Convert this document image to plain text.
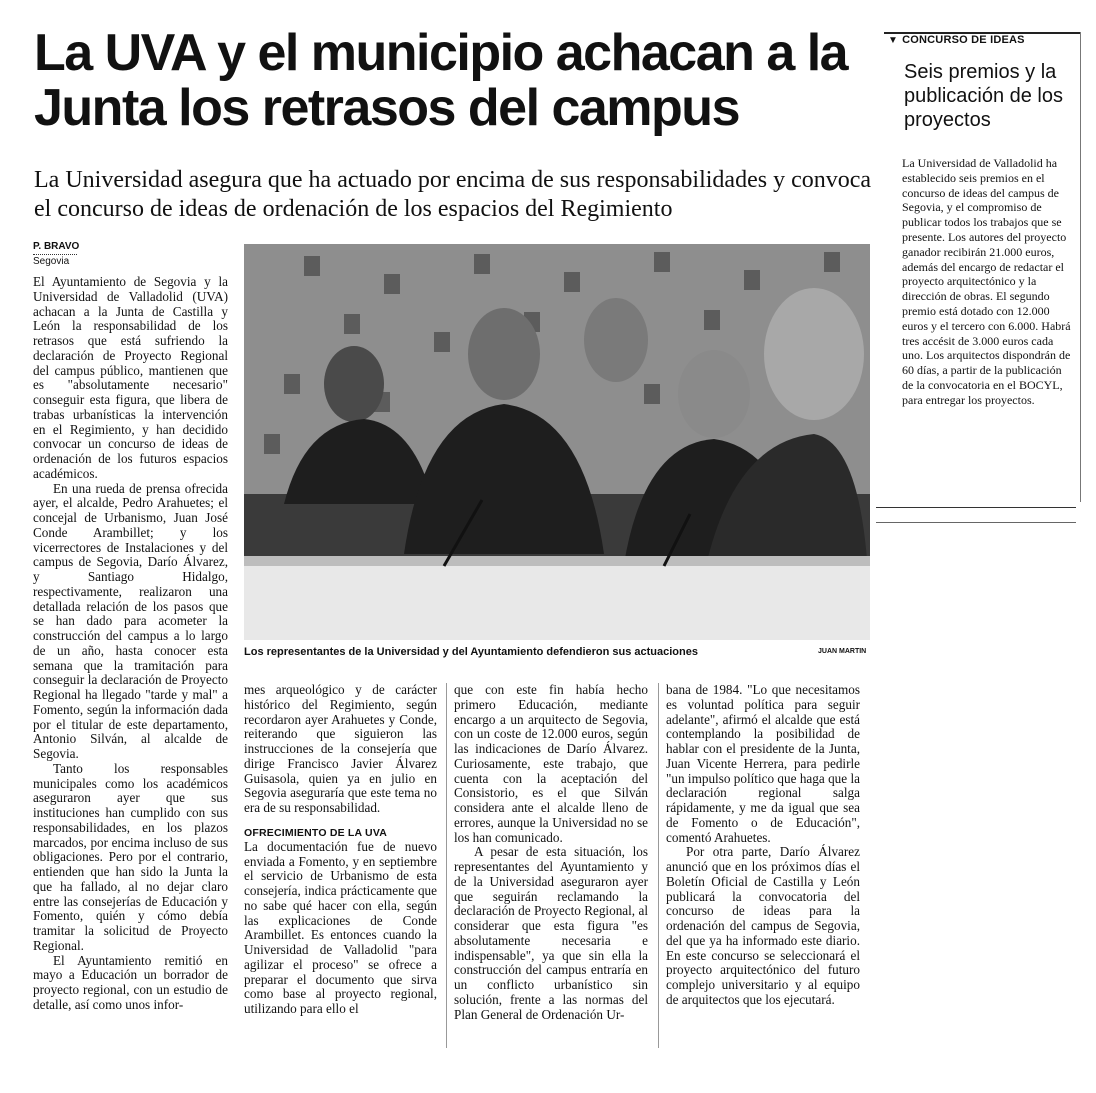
La UVA y el municipio achacan a la Junta los retrasos del campus

La Universidad asegura que ha actuado por encima de sus responsabilidades y convoca el concurso de ideas de ordenación de los espacios del Regimiento

▼ CONCURSO DE IDEAS
Seis premios y la publicación de los proyectos

La Universidad de Valladolid ha establecido seis premios en el concurso de ideas del campus de Segovia, y el compromiso de publicar todos los trabajos que se presente. Los autores del proyecto ganador recibirán 21.000 euros, además del encargo de redactar el proyecto arquitectónico y la dirección de obras. El segundo premio está dotado con 12.000 euros y el tercero con 6.000. Habrá tres accésit de 3.000 euros cada uno. Los arquitectos dispondrán de 60 días, a partir de la publicación de la convocatoria en el BOCYL, para entregar los proyectos.

P. BRAVO
Segovia
Los representantes de la Universidad y del Ayuntamiento defendieron sus actuaciones	JUAN MARTIN

El Ayuntamiento de Segovia y la Universidad de Valladolid (UVA) achacan a la Junta de Castilla y León la responsabilidad de los retrasos que está sufriendo la declaración de Proyecto Regional del campus público, mantienen que es "absolutamente necesario" conseguir esta figura, que libera de trabas urbanísticas la intervención en el Regimiento, y han decidido convocar un concurso de ideas de ordenación de los futuros espacios académicos.

En una rueda de prensa ofrecida ayer, el alcalde, Pedro Arahuetes; el concejal de Urbanismo, Juan José Conde Arambillet; y los vicerrectores de Instalaciones y del campus de Segovia, Darío Álvarez, y Santiago Hidalgo, respectivamente, realizaron una detallada relación de los pasos que se han dado para acometer la construcción del campus a lo largo de un año, hasta conocer esta semana que la tramitación para conseguir la declaración de Proyecto Regional ha llegado "tarde y mal" a Fomento, según la información dada por el titular de este departamento, Antonio Silván, al alcalde de Segovia.

Tanto los responsables municipales como los académicos aseguraron ayer que sus instituciones han cumplido con sus responsabilidades, en los plazos marcados, por encima incluso de sus obligaciones. Pero por el contrario, entienden que han sido la Junta la que ha fallado, al no dejar claro entre las consejerías de Educación y Fomento, quién y cómo debía tramitar la solicitud de Proyecto Regional.

El Ayuntamiento remitió en mayo a Educación un borrador de proyecto regional, con un estudio de detalle, así como unos infor-

mes arqueológico y de carácter histórico del Regimiento, según recordaron ayer Arahuetes y Conde, reiterando que siguieron las instrucciones de la consejería que dirige Francisco Javier Álvarez Guisasola, quien ya en julio en Segovia aseguraría que este tema no era de su responsabilidad.

OFRECIMIENTO DE LA UVA

La documentación fue de nuevo enviada a Fomento, y en septiembre el servicio de Urbanismo de esta consejería, indica prácticamente que no sabe qué hacer con ella, según las explicaciones de Conde Arambillet. Es entonces cuando la Universidad de Valladolid "para agilizar el proceso" se ofrece a preparar el documento que sirva como base al proyecto regional, utilizando para ello el

que con este fin había hecho primero Educación, mediante encargo a un arquitecto de Segovia, con un coste de 12.000 euros, según las indicaciones de Darío Álvarez. Curiosamente, este trabajo, que cuenta con la aceptación del Consistorio, es el que Silván considera ante el alcalde lleno de errores, aunque la Universidad no se los han comunicado.

A pesar de esta situación, los representantes del Ayuntamiento y de la Universidad aseguraron ayer que seguirán reclamando la declaración de Proyecto Regional, al considerar que esta figura "es absolutamente necesaria e indispensable", ya que sin ella la construcción del campus entraría en un conflicto urbanístico sin solución, frente a las normas del Plan General de Ordenación Ur-

bana de 1984. "Lo que necesitamos es voluntad política para seguir adelante", afirmó el alcalde que está contemplando la posibilidad de hablar con el presidente de la Junta, Juan Vicente Herrera, para pedirle "un impulso político que haga que la declaración regional salga rápidamente, y me da igual que sea de Fomento o de Educación", comentó Arahuetes.

Por otra parte, Darío Álvarez anunció que en los próximos días el Boletín Oficial de Castilla y León publicará la convocatoria del concurso de ideas para la ordenación del campus de Segovia, del que ya ha informado este diario. En este concurso se seleccionará el proyecto arquitectónico del futuro complejo universitario y al equipo de arquitectos que los ejecutará.
